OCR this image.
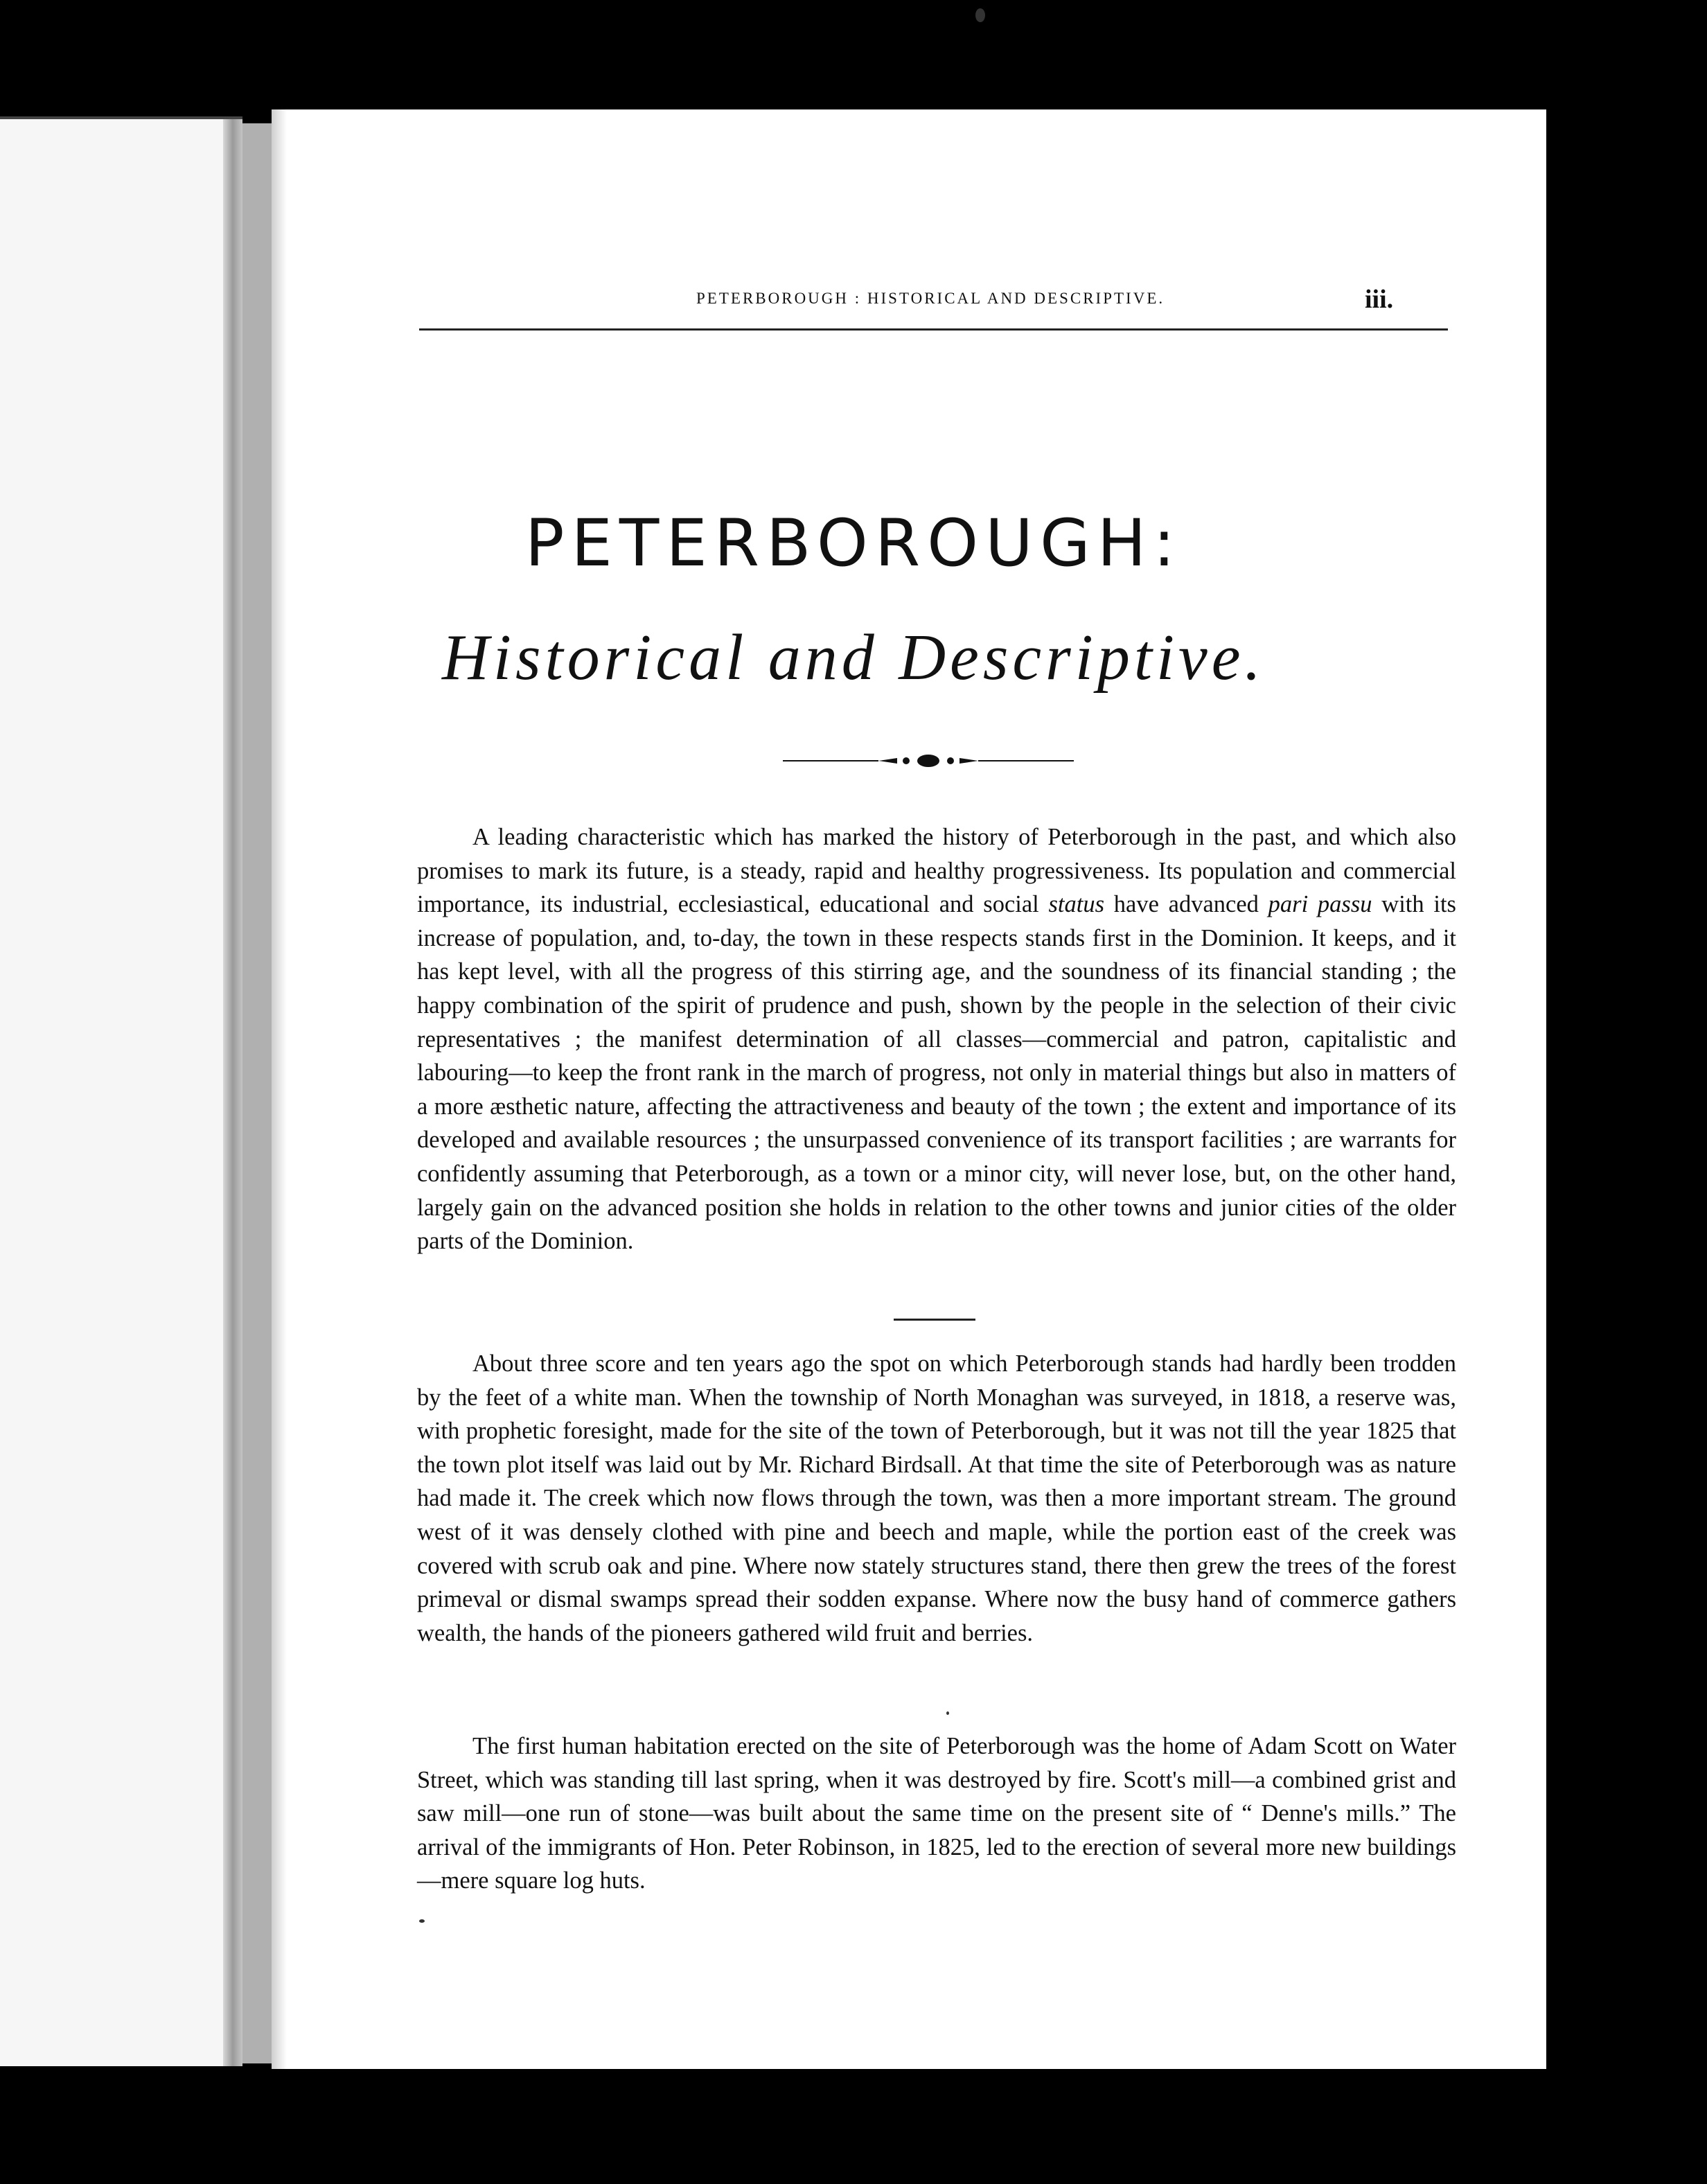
PETERBOROUGH : HISTORICAL AND DESCRIPTIVE.	iii.
PETERBOROUGH:
Historical and Descriptive.

A leading characteristic which has marked the history of Peterborough in the past, and which also promises to mark its future, is a steady, rapid and healthy progressiveness. Its population and commercial importance, its industrial, ecclesiastical, educational and social status have advanced pari passu with its increase of population, and, to-day, the town in these respects stands first in the Dominion. It keeps, and it has kept level, with all the progress of this stirring age, and the soundness of its financial standing ; the happy combination of the spirit of prudence and push, shown by the people in the selection of their civic representatives ; the manifest determination of all classes—commercial and patron, capitalistic and labouring—to keep the front rank in the march of progress, not only in material things but also in matters of a more æsthetic nature, affecting the attractiveness and beauty of the town ; the extent and importance of its developed and available resources ; the unsurpassed convenience of its transport facilities ; are warrants for confidently assuming that Peterborough, as a town or a minor city, will never lose, but, on the other hand, largely gain on the advanced position she holds in relation to the other towns and junior cities of the older parts of the Dominion.

About three score and ten years ago the spot on which Peterborough stands had hardly been trodden by the feet of a white man. When the township of North Monaghan was surveyed, in 1818, a reserve was, with prophetic foresight, made for the site of the town of Peterborough, but it was not till the year 1825 that the town plot itself was laid out by Mr. Richard Birdsall. At that time the site of Peterborough was as nature had made it. The creek which now flows through the town, was then a more important stream. The ground west of it was densely clothed with pine and beech and maple, while the portion east of the creek was covered with scrub oak and pine. Where now stately structures stand, there then grew the trees of the forest primeval or dismal swamps spread their sodden expanse. Where now the busy hand of commerce gathers wealth, the hands of the pioneers gathered wild fruit and berries.

The first human habitation erected on the site of Peterborough was the home of Adam Scott on Water Street, which was standing till last spring, when it was destroyed by fire. Scott's mill—a combined grist and saw mill—one run of stone—was built about the same time on the present site of “ Denne's mills.” The arrival of the immigrants of Hon. Peter Robinson, in 1825, led to the erection of several more new buildings—mere square log huts.
